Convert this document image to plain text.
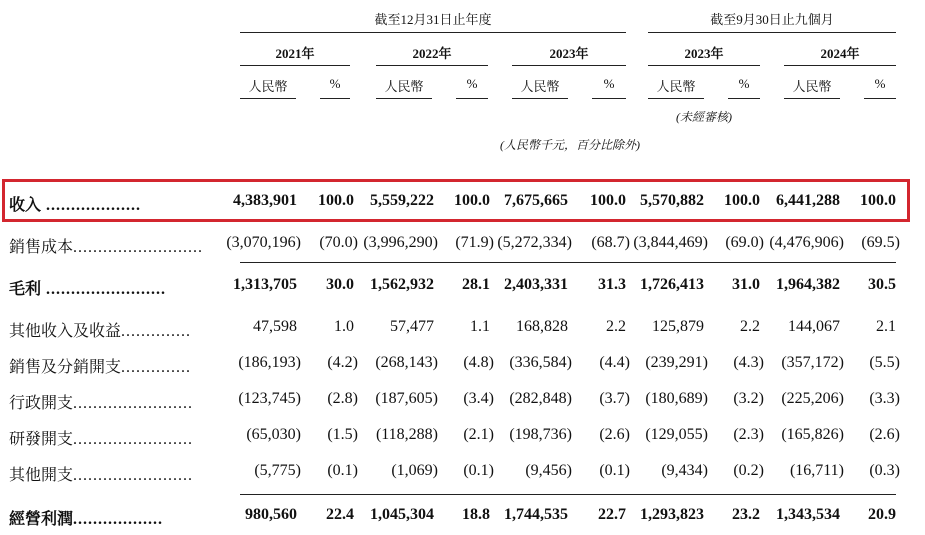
截至12月31日止年度	截至9月30日止九個月
2021年	2022年	2023年	2023年	2024年
人民幣	%	人民幣	%	人民幣	%	人民幣	%	人民幣	%
(未經審核)
(人民幣千元，百分比除外)
收入 ...................	4,383,901 100.0 5,559,222 100.0 7,675,665 100.0 5,570,882 100.0 6,441,288 100.0
銷售成本.......................... (3,070,196) (70.0) (3,996,290) (71.9) (5,272,334) (68.7) (3,844,469) (69.0) (4,476,906) (69.5)
毛利 ........................	1,313,705 30.0 1,562,932 28.1 2,403,331 31.3 1,726,413 31.0 1,964,382 30.5
其他收入及收益..............	47,598 1.0 57,477 1.1 168,828 2.2 125,879 2.2 144,067 2.1
銷售及分銷開支..............	(186,193) (4.2) (268,143) (4.8) (336,584) (4.4) (239,291) (4.3) (357,172) (5.5)
行政開支........................	(123,745) (2.8) (187,605) (3.4) (282,848) (3.7) (180,689) (3.2) (225,206) (3.3)
研發開支........................	(65,030) (1.5) (118,288) (2.1) (198,736) (2.6) (129,055) (2.3) (165,826) (2.6)
其他開支........................	(5,775) (0.1) (1,069) (0.1) (9,456) (0.1) (9,434) (0.2) (16,711) (0.3)
經營利潤..................	980,560 22.4 1,045,304 18.8 1,744,535 22.7 1,293,823 23.2 1,343,534 20.9
